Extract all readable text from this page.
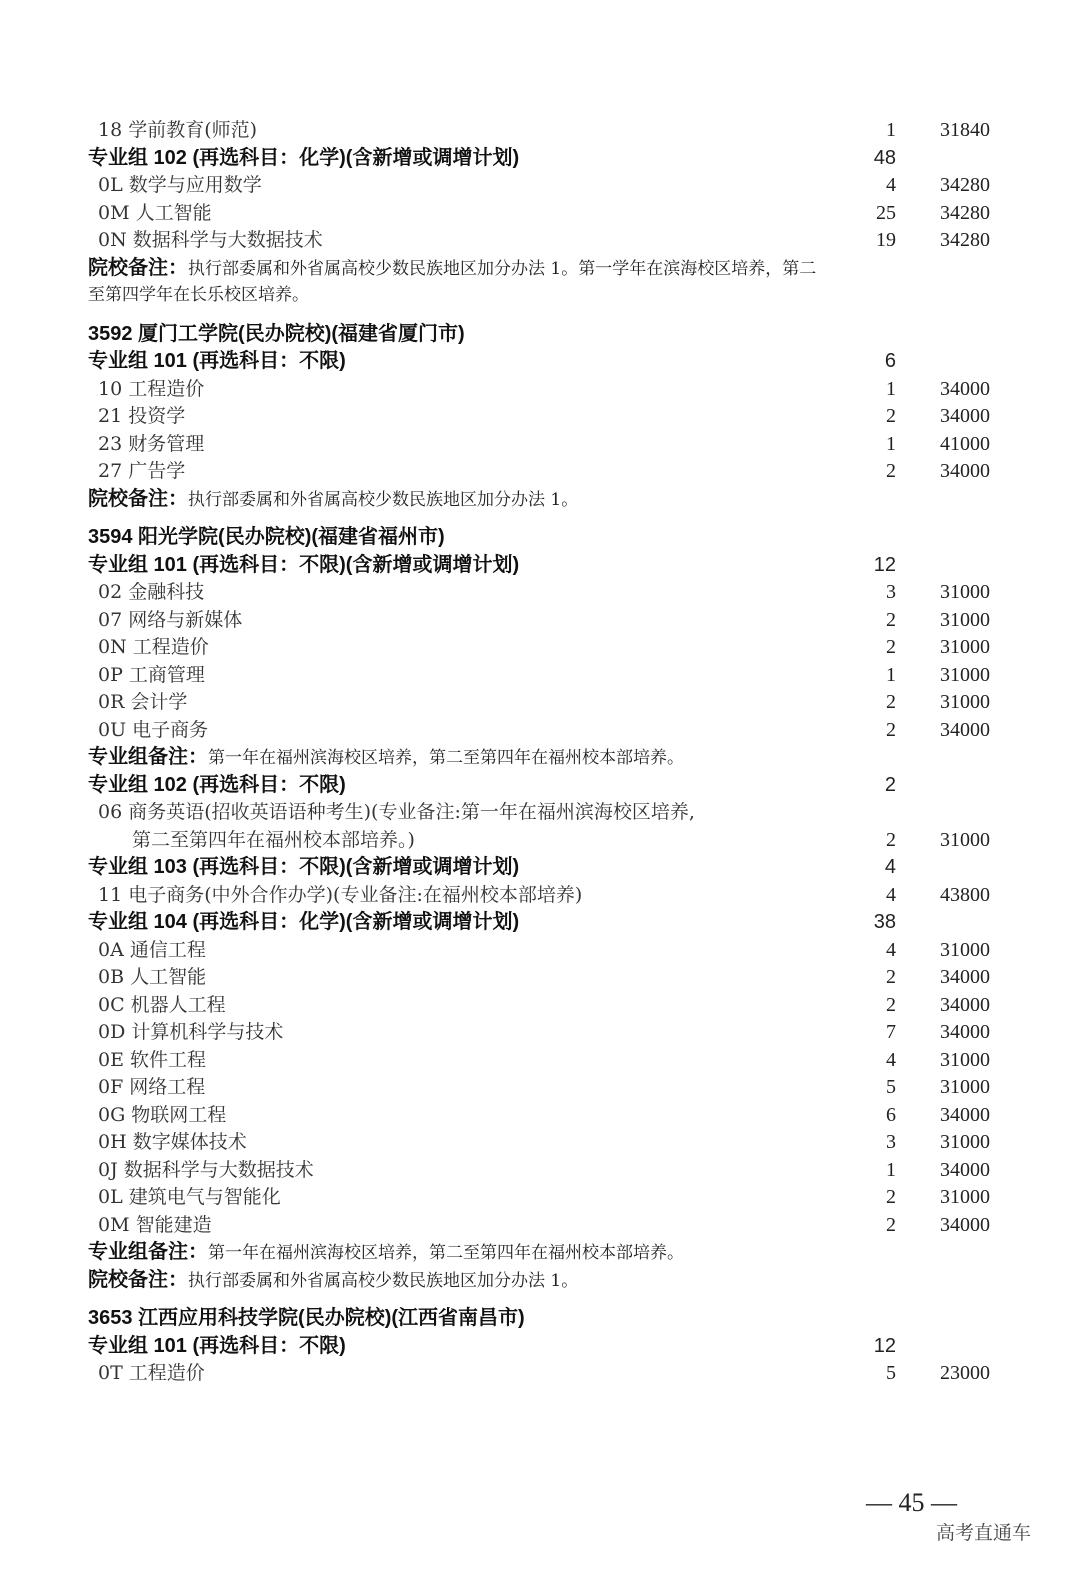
18 学前教育(师范)	1 31840
专业组 102 (再选科目：化学)(含新增或调增计划)	48
0L 数学与应用数学	4 34280
0M 人工智能	25 34280
0N 数据科学与大数据技术	19 34280
院校备注：执行部委属和外省属高校少数民族地区加分办法 1。第一学年在滨海校区培养，第二
至第四学年在长乐校区培养。
3592 厦门工学院(民办院校)(福建省厦门市)
专业组 101 (再选科目：不限)	6
10 工程造价	1 34000
21 投资学	2 34000
23 财务管理	1 41000
27 广告学	2 34000
院校备注：执行部委属和外省属高校少数民族地区加分办法 1。
3594 阳光学院(民办院校)(福建省福州市)
专业组 101 (再选科目：不限)(含新增或调增计划)	12
02 金融科技	3 31000
07 网络与新媒体	2 31000
0N 工程造价	2 31000
0P 工商管理	1 31000
0R 会计学	2 31000
0U 电子商务	2 34000
专业组备注：第一年在福州滨海校区培养，第二至第四年在福州校本部培养。
专业组 102 (再选科目：不限)	2
06 商务英语(招收英语语种考生)(专业备注:第一年在福州滨海校区培养,
第二至第四年在福州校本部培养。)	2 31000
专业组 103 (再选科目：不限)(含新增或调增计划)	4
11 电子商务(中外合作办学)(专业备注:在福州校本部培养)	4 43800
专业组 104 (再选科目：化学)(含新增或调增计划)	38
0A 通信工程	4 31000
0B 人工智能	2 34000
0C 机器人工程	2 34000
0D 计算机科学与技术	7 34000
0E 软件工程	4 31000
0F 网络工程	5 31000
0G 物联网工程	6 34000
0H 数字媒体技术	3 31000
0J 数据科学与大数据技术	1 34000
0L 建筑电气与智能化	2 31000
0M 智能建造	2 34000
专业组备注：第一年在福州滨海校区培养，第二至第四年在福州校本部培养。
院校备注：执行部委属和外省属高校少数民族地区加分办法 1。
3653 江西应用科技学院(民办院校)(江西省南昌市)
专业组 101 (再选科目：不限)	12
0T 工程造价	5 23000
— 45 —
高考直通车
